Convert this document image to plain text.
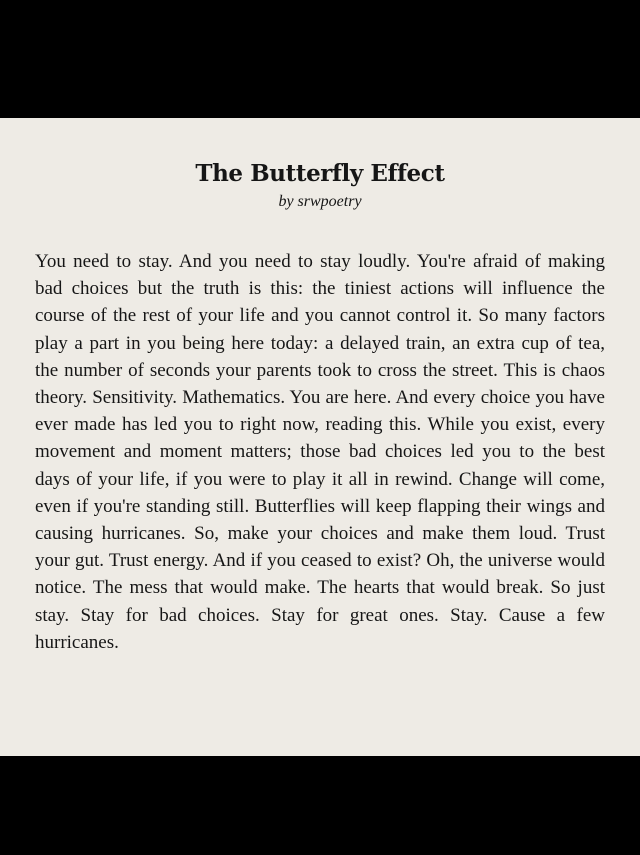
The Butterfly Effect

by srwpoetry

You need to stay. And you need to stay loudly. You're afraid of making bad choices but the truth is this: the tiniest actions will influence the course of the rest of your life and you cannot control it. So many factors play a part in you being here today: a delayed train, an extra cup of tea, the number of seconds your parents took to cross the street. This is chaos theory. Sensitivity. Mathematics. You are here. And every choice you have ever made has led you to right now, reading this. While you exist, every movement and moment matters; those bad choices led you to the best days of your life, if you were to play it all in rewind. Change will come, even if you're standing still. Butterflies will keep flapping their wings and causing hurricanes. So, make your choices and make them loud. Trust your gut. Trust energy. And if you ceased to exist? Oh, the universe would notice. The mess that would make. The hearts that would break. So just stay. Stay for bad choices. Stay for great ones. Stay. Cause a few hurricanes.
